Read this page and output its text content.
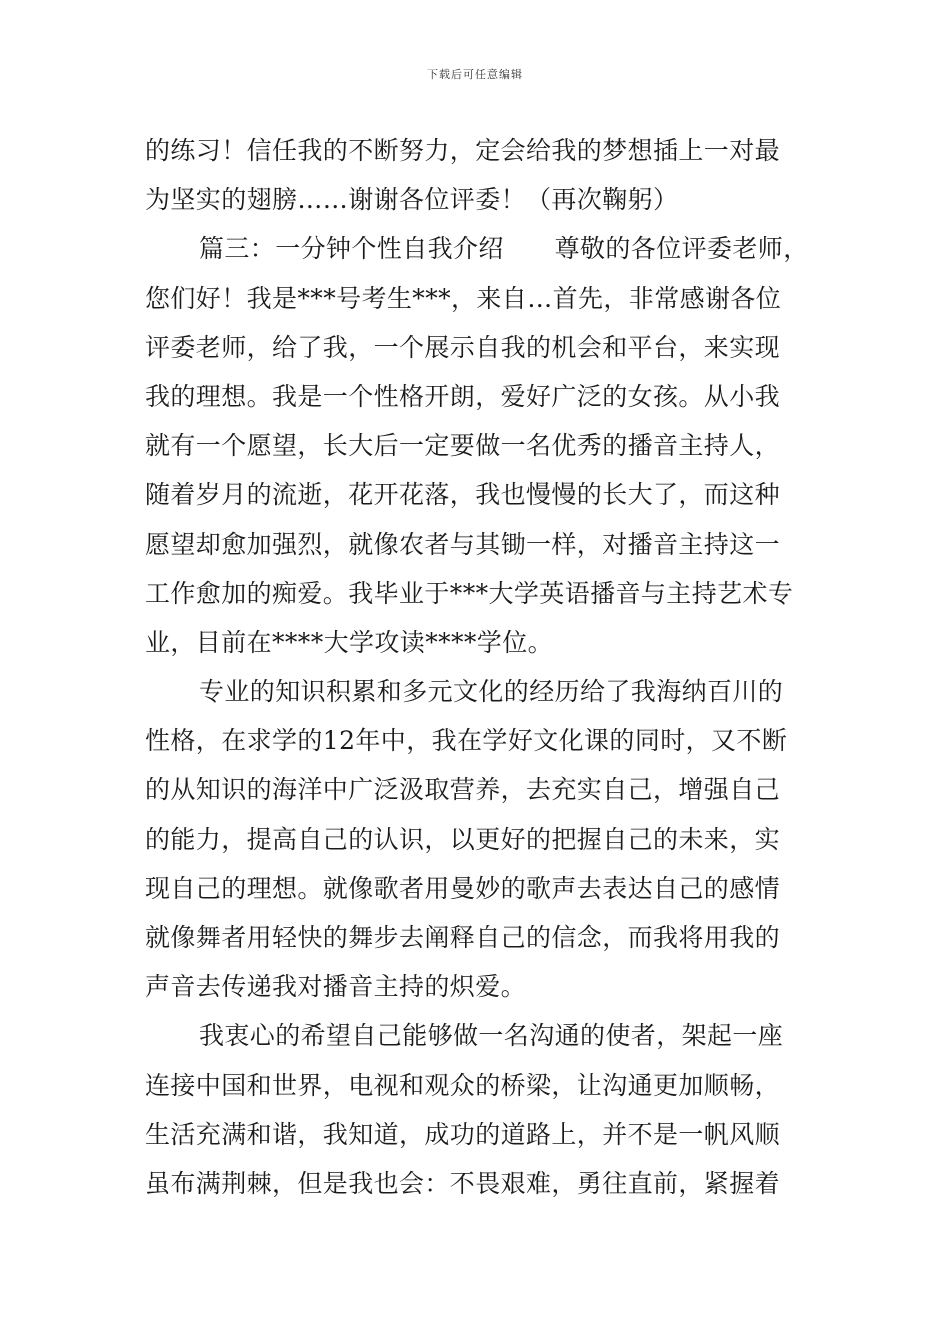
下载后可任意编辑
的练习！信任我的不断努力，定会给我的梦想插上一对最
为坚实的翅膀……谢谢各位评委！（再次鞠躬）
篇三：一分钟个性自我介绍　　尊敬的各位评委老师，
您们好！我是***号考生***，来自…首先，非常感谢各位
评委老师，给了我，一个展示自我的机会和平台，来实现
我的理想。我是一个性格开朗，爱好广泛的女孩。从小我
就有一个愿望，长大后一定要做一名优秀的播音主持人，
随着岁月的流逝，花开花落，我也慢慢的长大了，而这种
愿望却愈加强烈，就像农者与其锄一样，对播音主持这一
工作愈加的痴爱。我毕业于***大学英语播音与主持艺术专
业，目前在****大学攻读****学位。
专业的知识积累和多元文化的经历给了我海纳百川的
性格，在求学的12年中，我在学好文化课的同时，又不断
的从知识的海洋中广泛汲取营养，去充实自己，增强自己
的能力，提高自己的认识，以更好的把握自己的未来，实
现自己的理想。就像歌者用曼妙的歌声去表达自己的感情
就像舞者用轻快的舞步去阐释自己的信念，而我将用我的
声音去传递我对播音主持的炽爱。
我衷心的希望自己能够做一名沟通的使者，架起一座
连接中国和世界，电视和观众的桥梁，让沟通更加顺畅，
生活充满和谐，我知道，成功的道路上，并不是一帆风顺
虽布满荆棘，但是我也会：不畏艰难，勇往直前，紧握着
